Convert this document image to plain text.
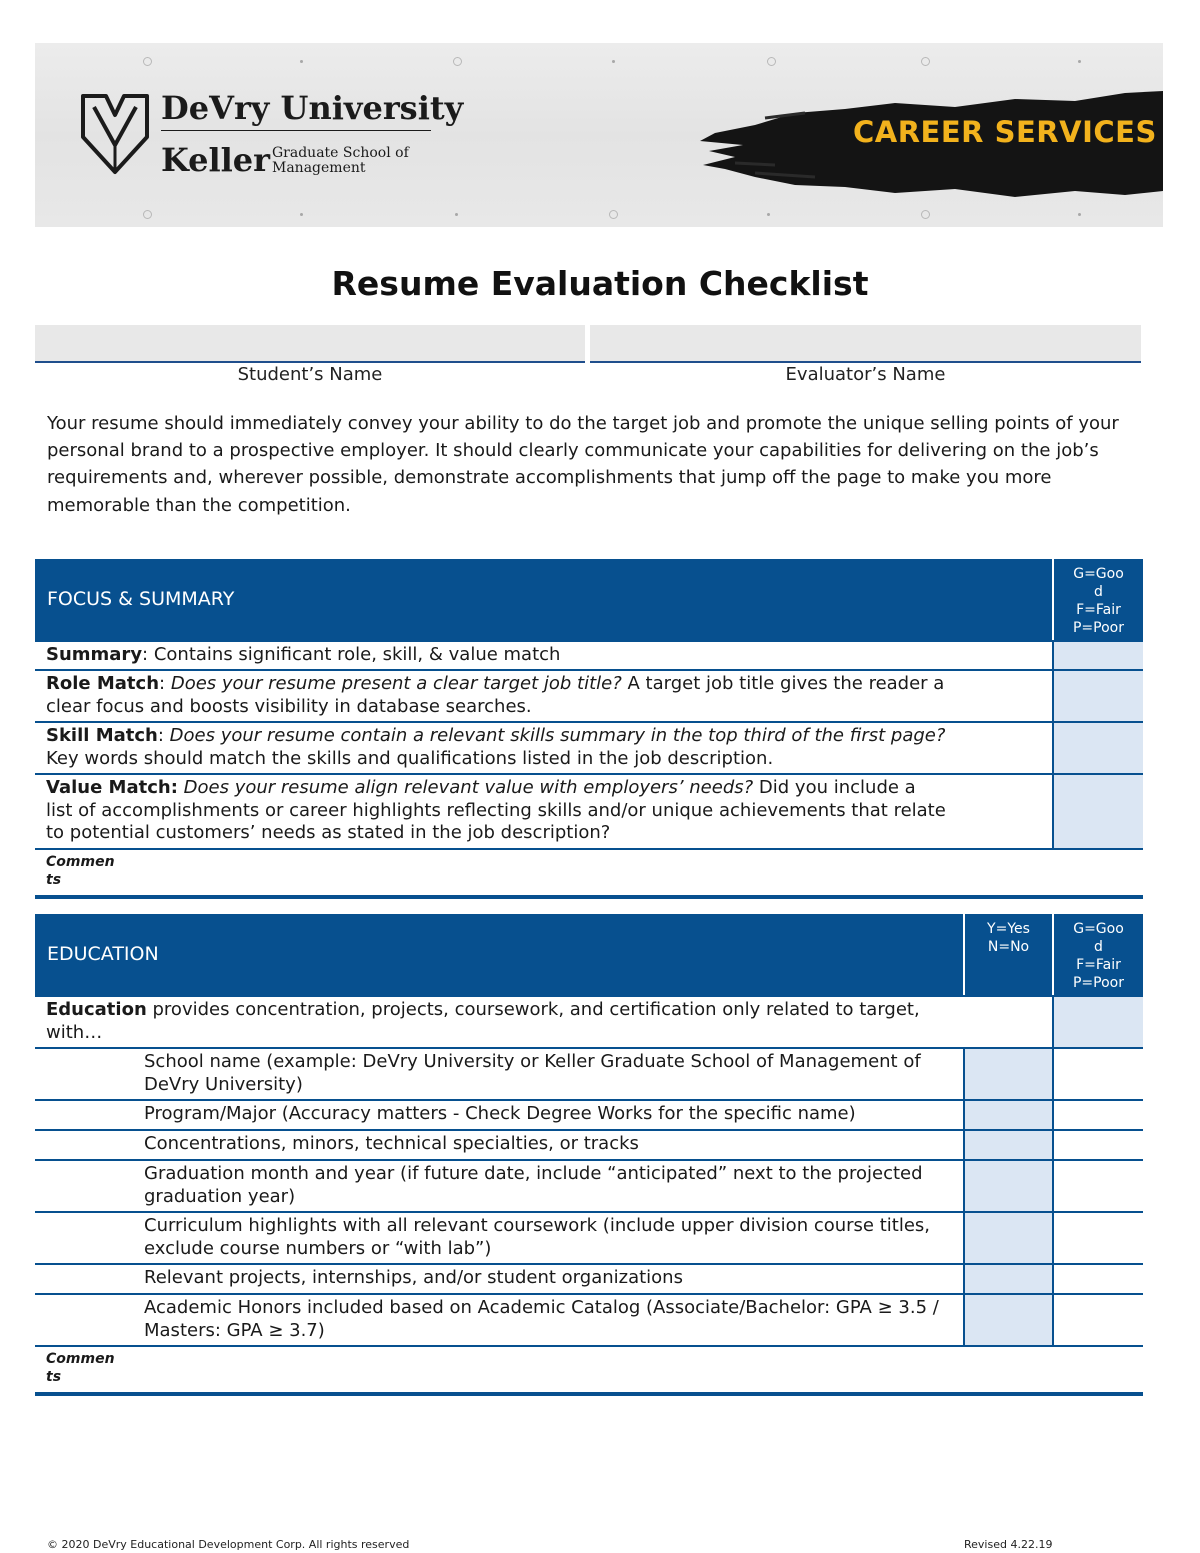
DeVry University
Keller Graduate School of Management
CAREER SERVICES
Resume Evaluation Checklist
Student’s Name	Evaluator’s Name
Your resume should immediately convey your ability to do the target job and promote the unique selling points of your personal brand to a prospective employer. It should clearly communicate your capabilities for delivering on the job’s requirements and, wherever possible, demonstrate accomplishments that jump off the page to make you more memorable than the competition.
FOCUS & SUMMARY
G=Goo
d
F=Fair
P=Poor
Summary: Contains significant role, skill, & value match
Role Match: Does your resume present a clear target job title? A target job title gives the reader a clear focus and boosts visibility in database searches.
Skill Match: Does your resume contain a relevant skills summary in the top third of the first page? Key words should match the skills and qualifications listed in the job description.
Value Match: Does your resume align relevant value with employers’ needs? Did you include a list of accomplishments or career highlights reflecting skills and/or unique achievements that relate to potential customers’ needs as stated in the job description?
Commen
ts
EDUCATION
Y=Yes
N=No
G=Goo
d
F=Fair
P=Poor
Education provides concentration, projects, coursework, and certification only related to target, with…
School name (example: DeVry University or Keller Graduate School of Management of DeVry University)
Program/Major (Accuracy matters - Check Degree Works for the specific name)
Concentrations, minors, technical specialties, or tracks
Graduation month and year (if future date, include “anticipated” next to the projected graduation year)
Curriculum highlights with all relevant coursework (include upper division course titles, exclude course numbers or “with lab”)
Relevant projects, internships, and/or student organizations
Academic Honors included based on Academic Catalog (Associate/Bachelor: GPA ≥ 3.5 / Masters: GPA ≥ 3.7)
Commen
ts
© 2020 DeVry Educational Development Corp. All rights reserved	Revised 4.22.19
